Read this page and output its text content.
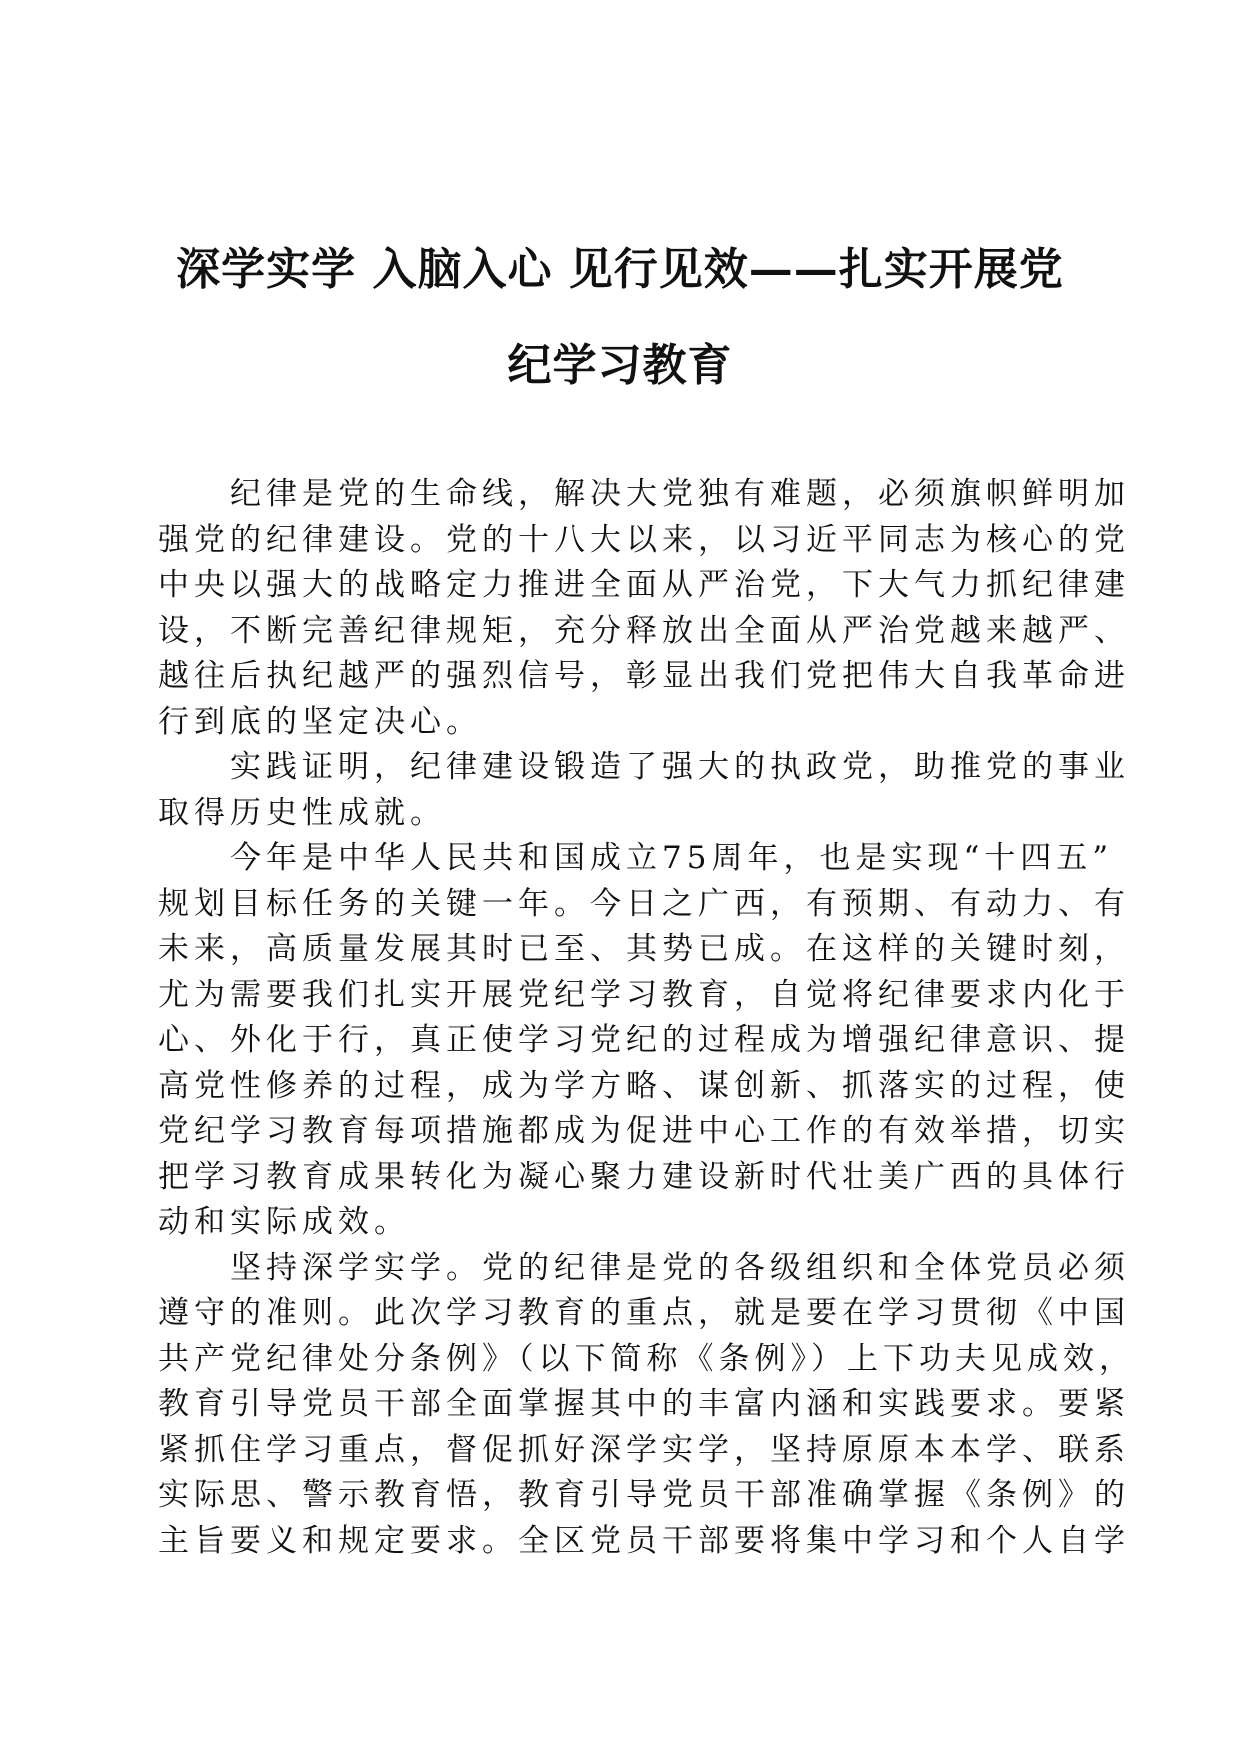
深学实学 入脑入心 见行见效——扎实开展党
纪学习教育

纪律是党的生命线，解决大党独有难题，必须旗帜鲜明加
强党的纪律建设。党的十八大以来，以习近平同志为核心的党
中央以强大的战略定力推进全面从严治党，下大气力抓纪律建
设，不断完善纪律规矩，充分释放出全面从严治党越来越严、
越往后执纪越严的强烈信号，彰显出我们党把伟大自我革命进
行到底的坚定决心。

实践证明，纪律建设锻造了强大的执政党，助推党的事业
取得历史性成就。

今年是中华人民共和国成立75周年，也是实现“十四五”
规划目标任务的关键一年。今日之广西，有预期、有动力、有
未来，高质量发展其时已至、其势已成。在这样的关键时刻，
尤为需要我们扎实开展党纪学习教育，自觉将纪律要求内化于
心、外化于行，真正使学习党纪的过程成为增强纪律意识、提
高党性修养的过程，成为学方略、谋创新、抓落实的过程，使
党纪学习教育每项措施都成为促进中心工作的有效举措，切实
把学习教育成果转化为凝心聚力建设新时代壮美广西的具体行
动和实际成效。

坚持深学实学。党的纪律是党的各级组织和全体党员必须
遵守的准则。此次学习教育的重点，就是要在学习贯彻《中国
共产党纪律处分条例》（以下简称《条例》）上下功夫见成效，
教育引导党员干部全面掌握其中的丰富内涵和实践要求。要紧
紧抓住学习重点，督促抓好深学实学，坚持原原本本学、联系
实际思、警示教育悟，教育引导党员干部准确掌握《条例》的
主旨要义和规定要求。全区党员干部要将集中学习和个人自学
